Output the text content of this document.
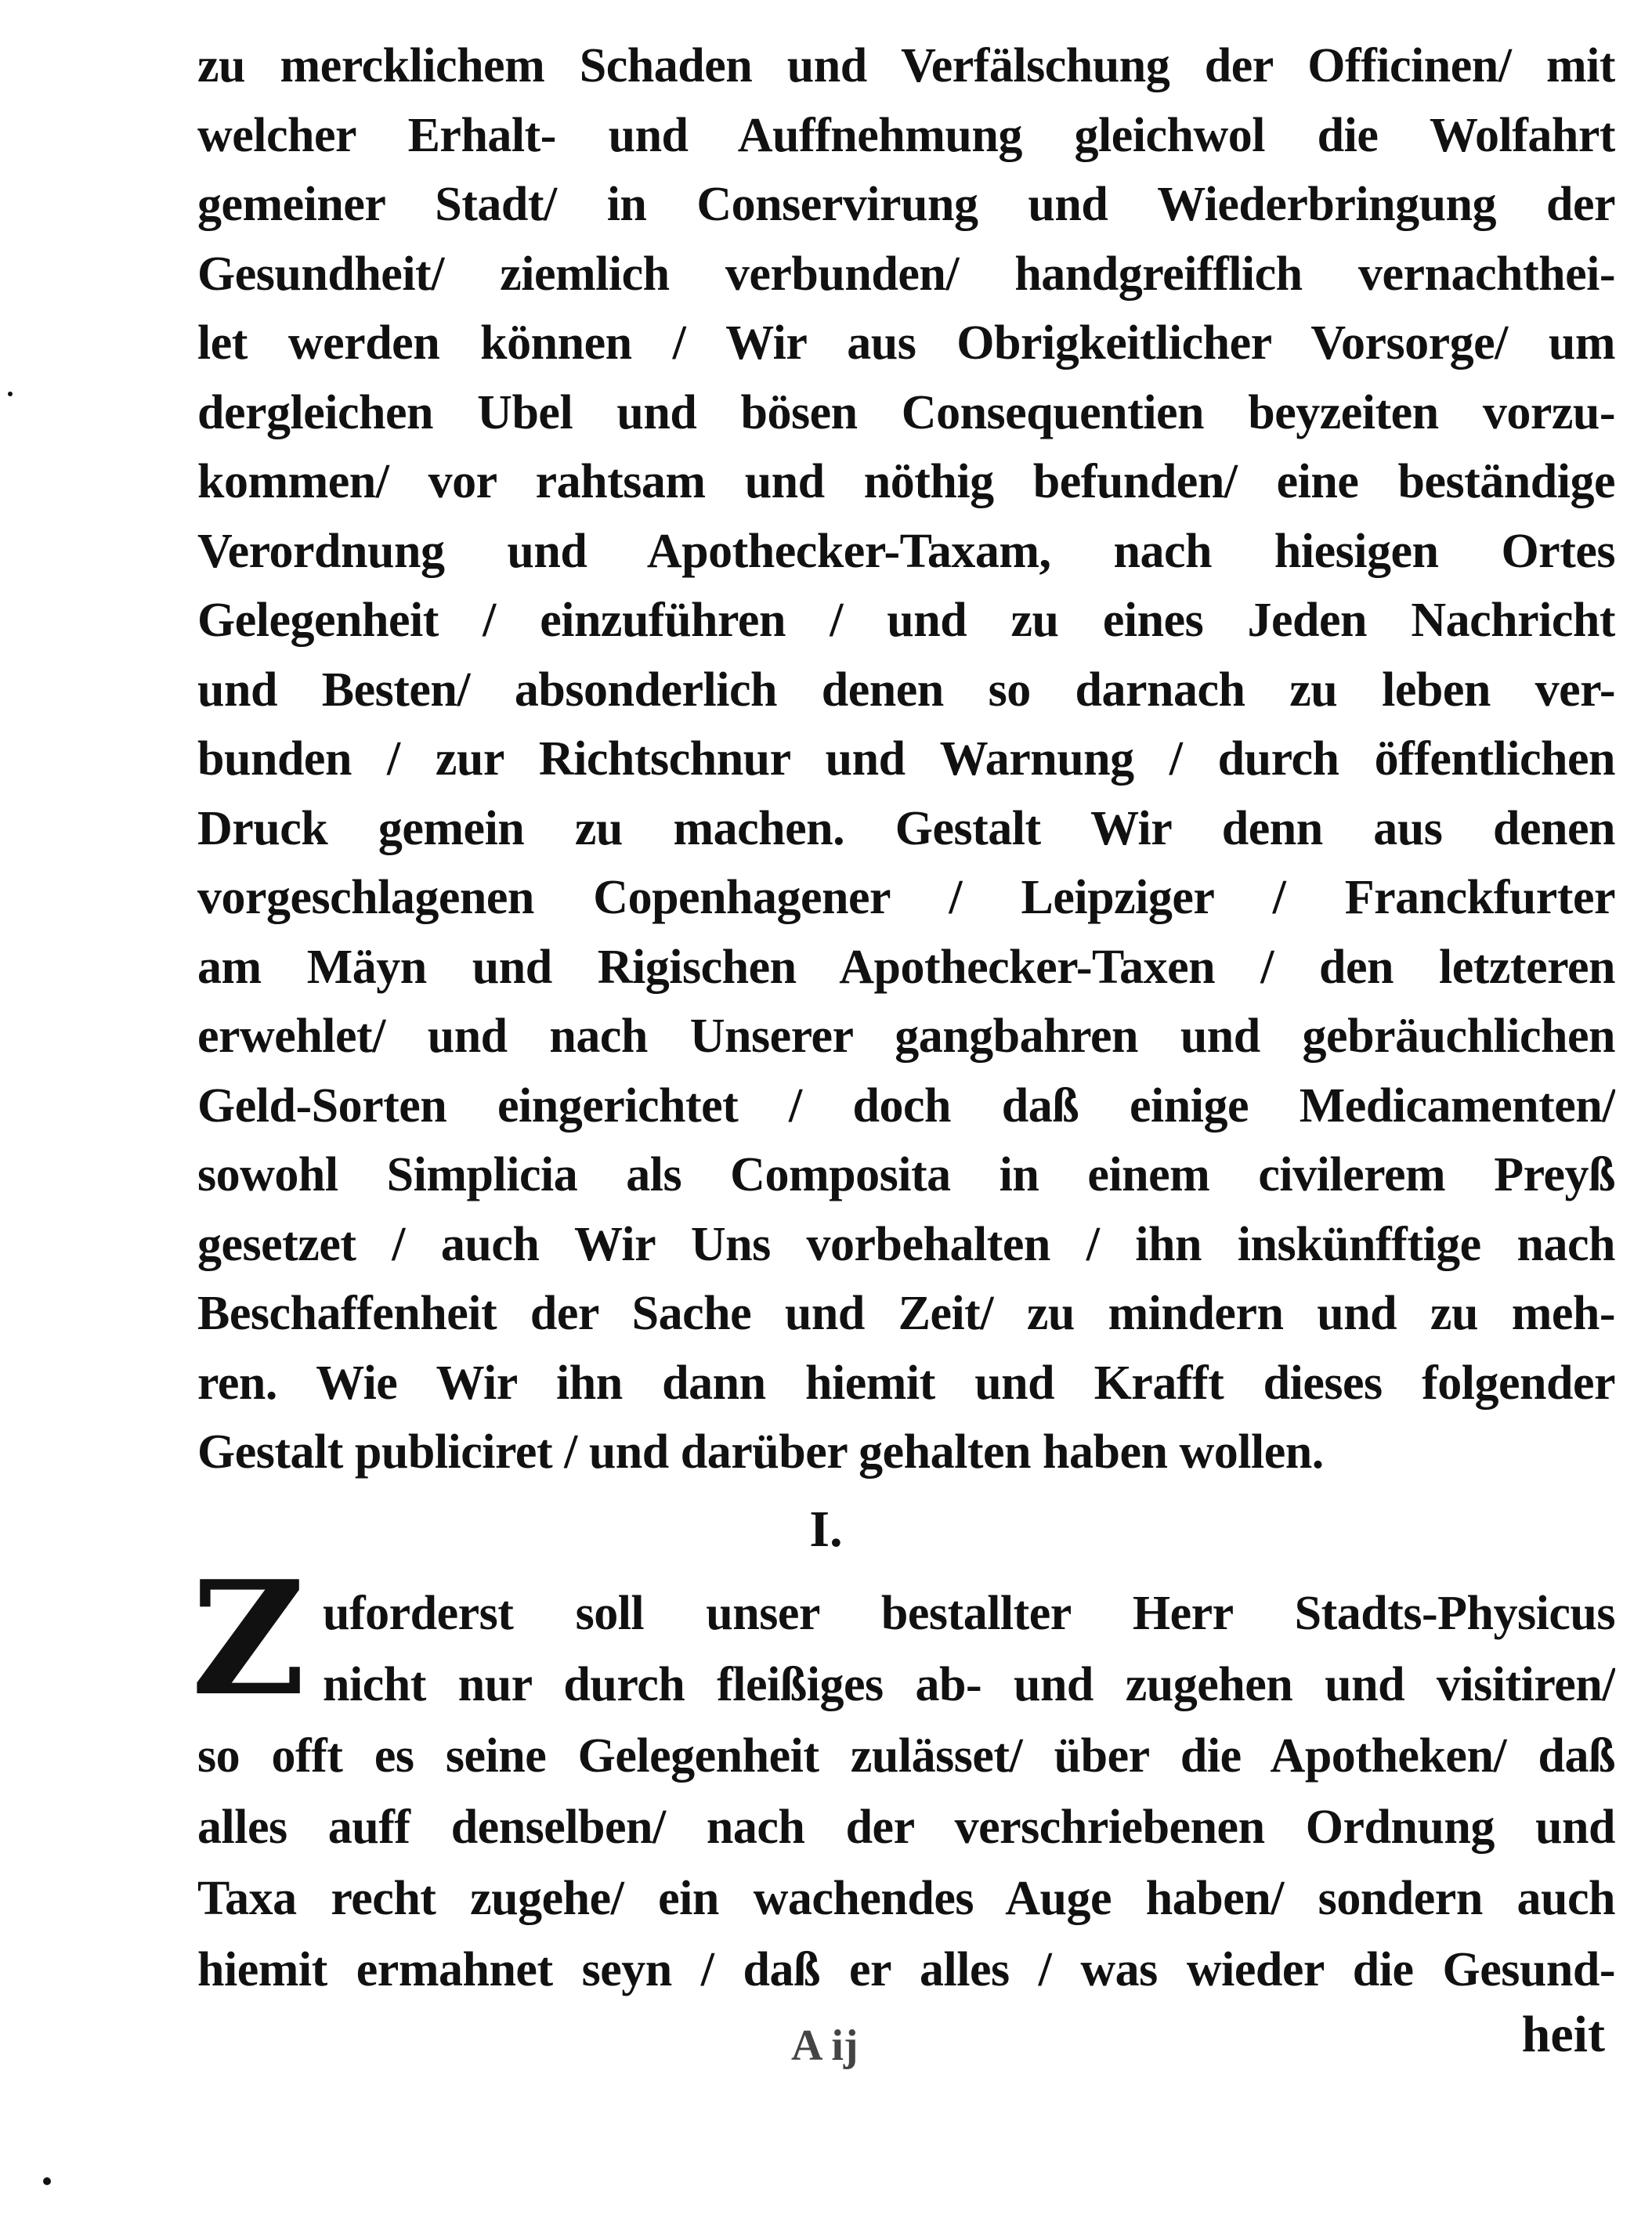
zu mercklichem Schaden und Verfälschung der Officinen/ mit
welcher Erhalt- und Auffnehmung gleichwol die Wolfahrt
gemeiner Stadt/ in Conservirung und Wiederbringung der
Gesundheit/ ziemlich verbunden/ handgreifflich vernachthei-
let werden können / Wir aus Obrigkeitlicher Vorsorge/ um
dergleichen Ubel und bösen Consequentien beyzeiten vorzu-
kommen/ vor rahtsam und nöthig befunden/ eine beständige
Verordnung und Apothecker-Taxam, nach hiesigen Ortes
Gelegenheit / einzuführen / und zu eines Jeden Nachricht
und Besten/ absonderlich denen so darnach zu leben ver-
bunden / zur Richtschnur und Warnung / durch öffentlichen
Druck gemein zu machen. Gestalt Wir denn aus denen
vorgeschlagenen Copenhagener / Leipziger / Franckfurter
am Mäyn und Rigischen Apothecker-Taxen / den letzteren
erwehlet/ und nach Unserer gangbahren und gebräuchlichen
Geld-Sorten eingerichtet / doch daß einige Medicamenten/
sowohl Simplicia als Composita in einem civilerem Preyß
gesetzet / auch Wir Uns vorbehalten / ihn inskünfftige nach
Beschaffenheit der Sache und Zeit/ zu mindern und zu meh-
ren. Wie Wir ihn dann hiemit und Krafft dieses folgender
Gestalt publiciret / und darüber gehalten haben wollen.
I.
Z uforderst soll unser bestallter Herr Stadts-Physicus
nicht nur durch fleißiges ab- und zugehen und visitiren/
so offt es seine Gelegenheit zulässet/ über die Apotheken/ daß
alles auff denselben/ nach der verschriebenen Ordnung und
Taxa recht zugehe/ ein wachendes Auge haben/ sondern auch
hiemit ermahnet seyn / daß er alles / was wieder die Gesund-
A ij	heit
